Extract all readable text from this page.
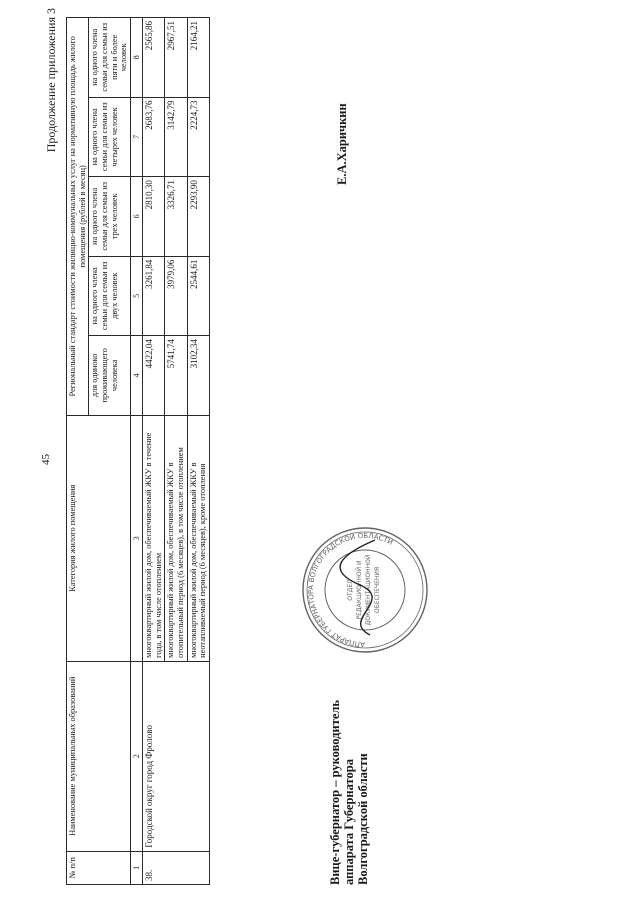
45
Продолжение приложения 3
№ п/п	Наименование муниципальных образований	Категория жилого помещения	Региональный стандарт стоимости жилищно-коммунальных услуг на нормативную площадь жилого помещения (рублей в месяц)				
			для одиноко проживающего человека	на одного члена семьи для семьи из двух человек	на одного члена семьи для семьи из трех человек	на одного члена семьи для семьи из четырех человек	на одного члена семьи для семьи из пяти и более человек
1	2	3	4	5	6	7	8
38.	Городской округ город Фролово	многоквартирный жилой дом, обеспечиваемый ЖКУ в течение года, в том числе отоплением	4422,04	3261,84	2810,30	2683,76	2565,86
		многоквартирный жилой дом, обеспечиваемый ЖКУ в отопительный период (6 месяцев), в том числе отоплением	5741,74	3979,06	3326,71	3142,79	2967,51
		многоквартирный жилой дом, обеспечиваемый ЖКУ в неотапливаемый период (6 месяцев), кроме отопления	3102,34	2544,61	2293,90	2224,73	2164,21
Вице-губернатор – руководитель аппарата Губернатора Волгоградской области
АППАРАТ ГУБЕРНАТОРА ВОЛГОГРАДСКОЙ ОБЛАСТИ
ОТДЕЛ РЕДАКЦИОННОЙ И ДОКУМЕНТАЦИОННОЙ ОБЕСПЕЧЕНИЯ
Е.А.Харичкин
